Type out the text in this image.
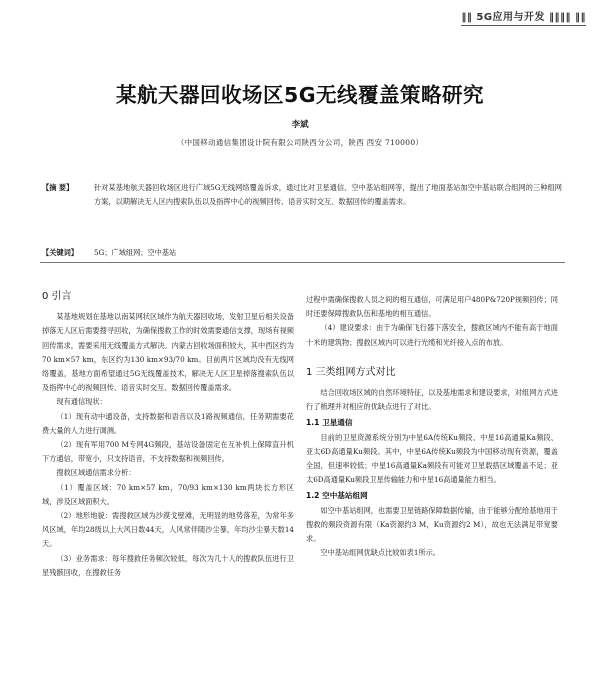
‖‖ 5G应用与开发 ‖‖‖‖ ‖‖
某航天器回收场区5G无线覆盖策略研究
李斌
（中国移动通信集团设计院有限公司陕西分公司，陕西 西安 710000）
【摘 要】	针对某基地航天器回收场区进行广域5G无线网络覆盖诉求，通过比对卫星通信、空中基站组网等，提出了地面基站加空中基站联合组网的三种组网方案，以期解决无人区内搜索队伍以及指挥中心的视频回传、语音实时交互、数据回传的覆盖需求。
【关键词】	5G；广域组网；空中基站
0 引言

某基地规划在基地以南某网状区域作为航天器回收场，发射卫星后相关设备掉落无人区后需要搜寻回收，为确保搜救工作的时效需要通信支撑，现场有视频回传需求，需要采用无线覆盖方式解决。内蒙古回收场面积较大，其中西区约为70 km×57 km，东区约为130 km×93/70 km。目前两片区域均没有无线网络覆盖，基地方面希望通过5G无线覆盖技术，解决无人区卫星掉落搜索队伍以及指挥中心的视频回传、语音实时交互、数据回传覆盖需求。

现有通信现状：

（1）现有动中通设备，支持数据和语音以及1路视频通信，任务期需要花费大量的人力进行调测。

（2）现有军用700 M专网4G频段，基站设备固定在互补机上保障直升机下方通信，带宽小，只支持语音，不支持数据和视频回传。

搜救区域通信需求分析：

（1）覆盖区域：70 km×57 km，70/93 km×130 km两块长方形区域，涉及区域面积大。

（2）地形地貌：需搜救区域为沙漠戈壁滩，无明显的地势落差，为常年多风区域，年均28级以上大风日数44天，人风常伴随沙尘暴，年均沙尘暴天数14天。

（3）业务需求：每年搜救任务频次较低，每次为几十人的搜救队伍进行卫星残骸回收，在搜救任务

过程中需确保搜救人员之间的相互通信，可满足用户480P&720P视频回传；同时还要保障搜救队伍和基地的相互通信。

（4）建设要求：由于为确保飞行器下落安全，搜救区域内不能有高于地面十米的建筑物；搜救区域内可以进行光缆和光纤接入点的布放。

1 三类组网方式对比

结合回收场区域的自然环境特征，以及基地需求和建设要求，对组网方式进行了梳理并对相应的优缺点进行了对比。

1.1 卫星通信

目前的卫星资源系统分别为中星6A传统Ku频段、中星16高通量Ka频段、亚太6D高通量Ku频段。其中，中星6A传统Ku频段为中国移动现有资源，覆盖全国，但速率较低；中星16高通量Ka频段有可能对卫星载搭区域覆盖不足；亚太6D高通量Ku频段卫星传输能力和中星16高通量能力相当。

1.2 空中基站组网

如空中基站组网，也需要卫星链路保障数据传输，由于能够分配给基地用于搜救的频段资源有限（Ka资源约3 M，Ku资源约2 M），故也无法满足带宽要求。

空中基站组网优缺点比较如表1所示。
